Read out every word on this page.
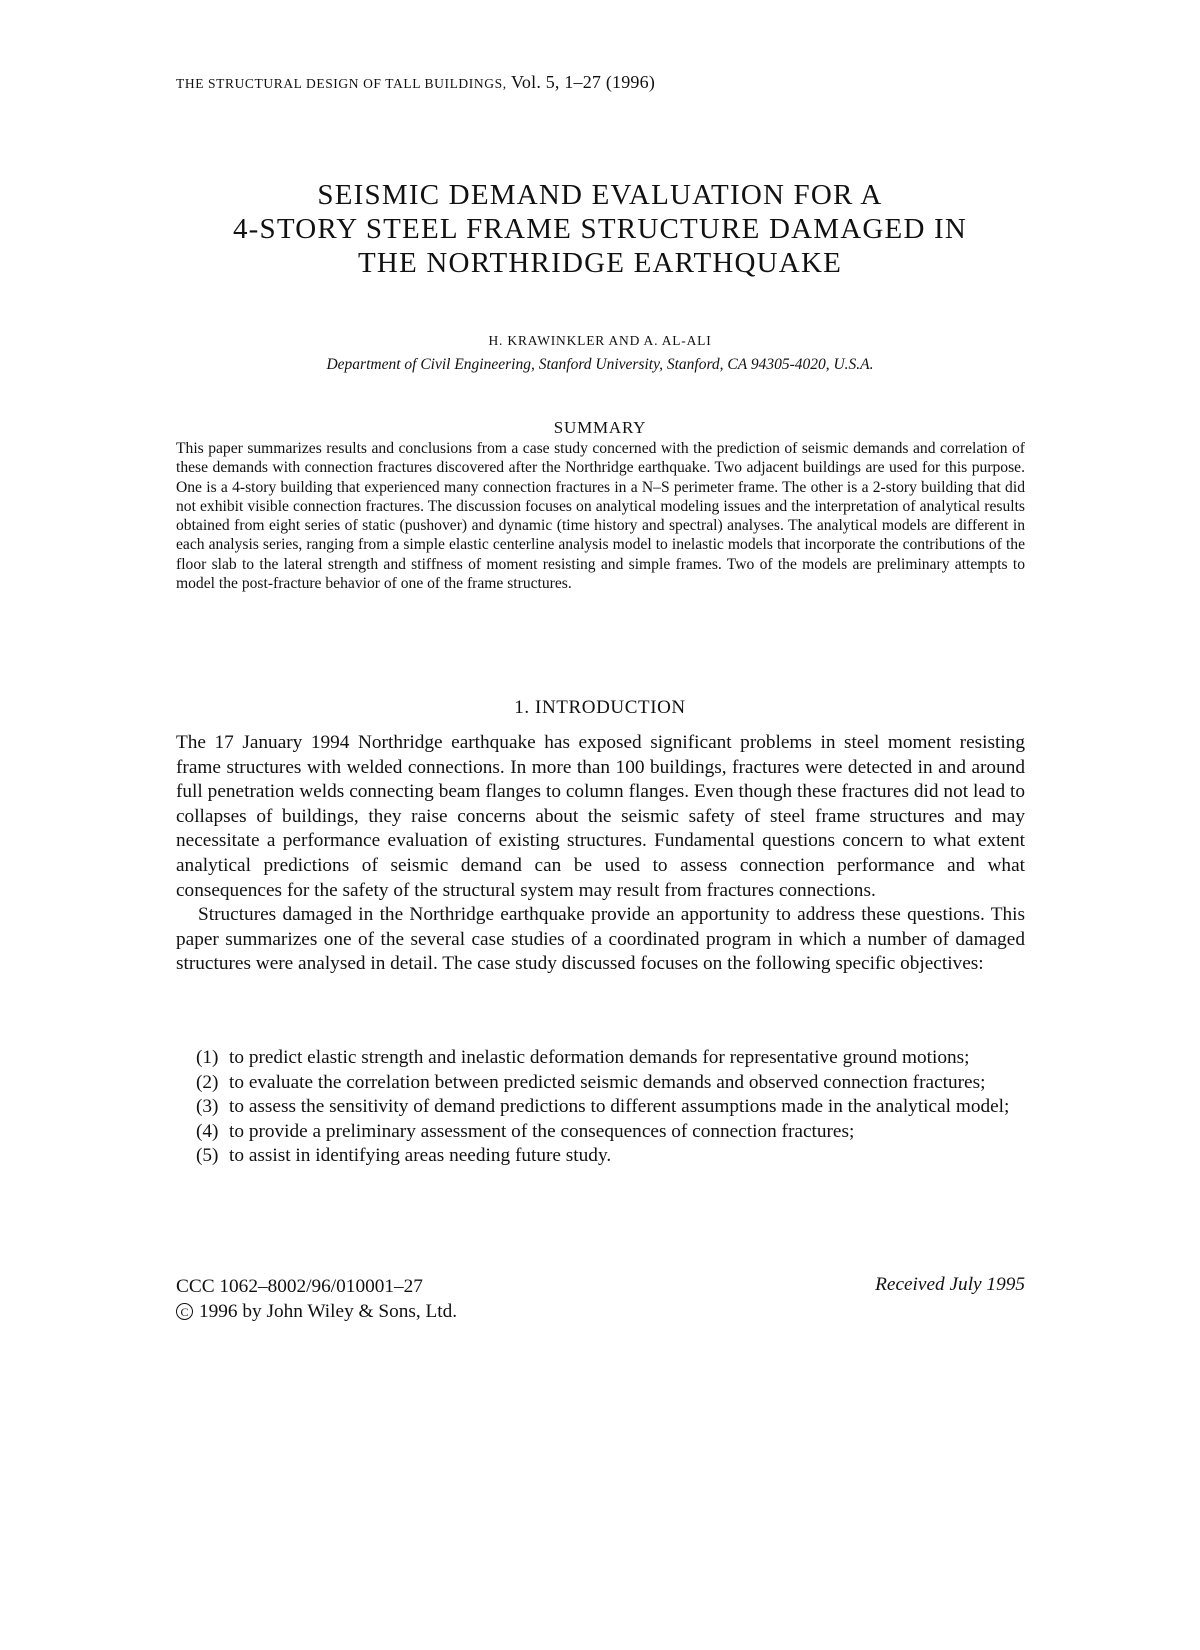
THE STRUCTURAL DESIGN OF TALL BUILDINGS, Vol. 5, 1–27 (1996)
SEISMIC DEMAND EVALUATION FOR A
4-STORY STEEL FRAME STRUCTURE DAMAGED IN
THE NORTHRIDGE EARTHQUAKE
H. KRAWINKLER AND A. AL-ALI
Department of Civil Engineering, Stanford University, Stanford, CA 94305-4020, U.S.A.
SUMMARY

This paper summarizes results and conclusions from a case study concerned with the prediction of seismic demands and correlation of these demands with connection fractures discovered after the Northridge earthquake. Two adjacent buildings are used for this purpose. One is a 4-story building that experienced many connection fractures in a N–S perimeter frame. The other is a 2-story building that did not exhibit visible connection fractures. The discussion focuses on analytical modeling issues and the interpretation of analytical results obtained from eight series of static (pushover) and dynamic (time history and spectral) analyses. The analytical models are different in each analysis series, ranging from a simple elastic centerline analysis model to inelastic models that incorporate the contributions of the floor slab to the lateral strength and stiffness of moment resisting and simple frames. Two of the models are preliminary attempts to model the post-fracture behavior of one of the frame structures.

1. INTRODUCTION

The 17 January 1994 Northridge earthquake has exposed significant problems in steel moment resisting frame structures with welded connections. In more than 100 buildings, fractures were detected in and around full penetration welds connecting beam flanges to column flanges. Even though these fractures did not lead to collapses of buildings, they raise concerns about the seismic safety of steel frame structures and may necessitate a performance evaluation of existing structures. Fundamental questions concern to what extent analytical predictions of seismic demand can be used to assess connection performance and what consequences for the safety of the structural system may result from fractures connections.

Structures damaged in the Northridge earthquake provide an apportunity to address these questions. This paper summarizes one of the several case studies of a coordinated program in which a number of damaged structures were analysed in detail. The case study discussed focuses on the following specific objectives:

(1) to predict elastic strength and inelastic deformation demands for representative ground motions;
(2) to evaluate the correlation between predicted seismic demands and observed connection fractures;
(3) to assess the sensitivity of demand predictions to different assumptions made in the analytical model;
(4) to provide a preliminary assessment of the consequences of connection fractures;
(5) to assist in identifying areas needing future study.
CCC 1062–8002/96/010001–27
C 1996 by John Wiley & Sons, Ltd.
Received July 1995
